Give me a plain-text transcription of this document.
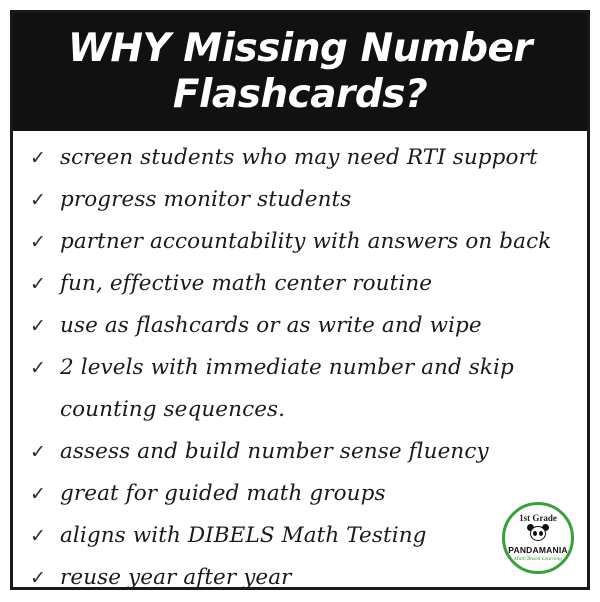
WHY Missing Number
Flashcards?
✓ screen students who may need RTI support
✓ progress monitor students
✓ partner accountability with answers on back
✓ fun, effective math center routine
✓ use as flashcards or as write and wipe
✓ 2 levels with immediate number and skip
counting sequences.
✓ assess and build number sense fluency
✓ great for guided math groups
✓ aligns with DIBELS Math Testing
✓ reuse year after year
1st Grade
PANDAMANIA
Math Based Learning
